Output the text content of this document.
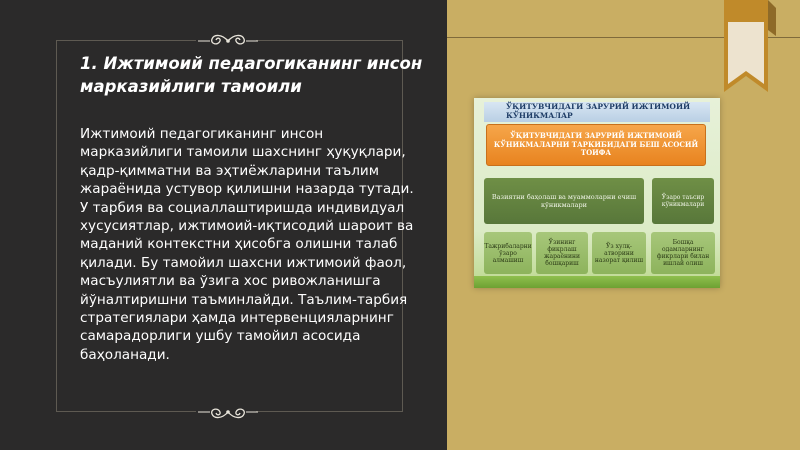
1. Ижтимоий педагогиканинг инсон марказийлиги тамоили

Ижтимоий педагогиканинг инсон марказийлиги тамоили шахснинг ҳуқуқлари, қадр-қимматни ва эҳтиёжларини таълим жараёнида устувор қилишни назарда тутади. У тарбия ва социаллаштиришда индивидуал хусусиятлар, ижтимоий-иқтисодий шароит ва маданий контекстни ҳисобга олишни талаб қилади. Бу тамойил шахсни ижтимоий фаол, масъулиятли ва ўзига хос ривожланишга йўналтиришни таъминлайди. Таълим-тарбия стратегиялари ҳамда интервенцияларнинг самарадорлиги ушбу тамойил асосида баҳоланади.

ЎҚИТУВЧИДАГИ ЗАРУРИЙ ИЖТИМОИЙ КЎНИКМАЛАР
ЎҚИТУВЧИДАГИ ЗАРУРИЙ ИЖТИМОИЙ КЎНИКМАЛАРНИ ТАРКИБИДАГИ БЕШ АСОСИЙ ТОИФА
Вазиятни баҳолаш ва муаммоларни ечиш кўникмалари
Ўзаро таъсир кўникмалари
Тажрибаларни ўзаро алмашиш
Ўзининг фикрлаш жараёнини бошқариш
Ўз хулқ-атворини назорат қилиш
Бошқа одамларнинг фикрлари билан ишлай олиш
